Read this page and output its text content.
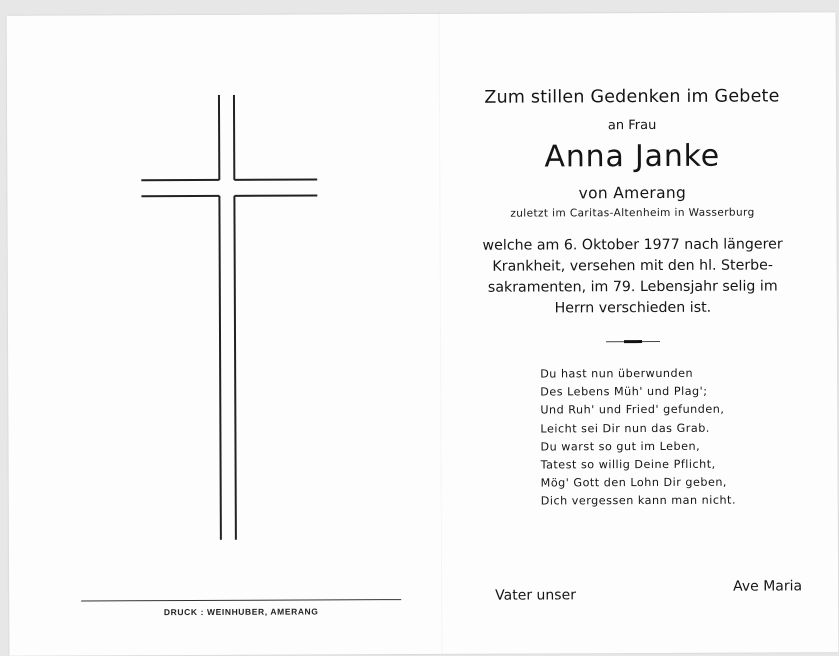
DRUCK : WEINHUBER, AMERANG
Zum stillen Gedenken im Gebete
an Frau
Anna Janke
von Amerang
zuletzt im Caritas-Altenheim in Wasserburg
welche am 6. Oktober 1977 nach längerer
Krankheit, versehen mit den hl. Sterbe-
sakramenten, im 79. Lebensjahr selig im
Herrn verschieden ist.
Du hast nun überwunden
Des Lebens Müh' und Plag';
Und Ruh' und Fried' gefunden,
Leicht sei Dir nun das Grab.
Du warst so gut im Leben,
Tatest so willig Deine Pflicht,
Mög' Gott den Lohn Dir geben,
Dich vergessen kann man nicht.
Vater unser
Ave Maria
